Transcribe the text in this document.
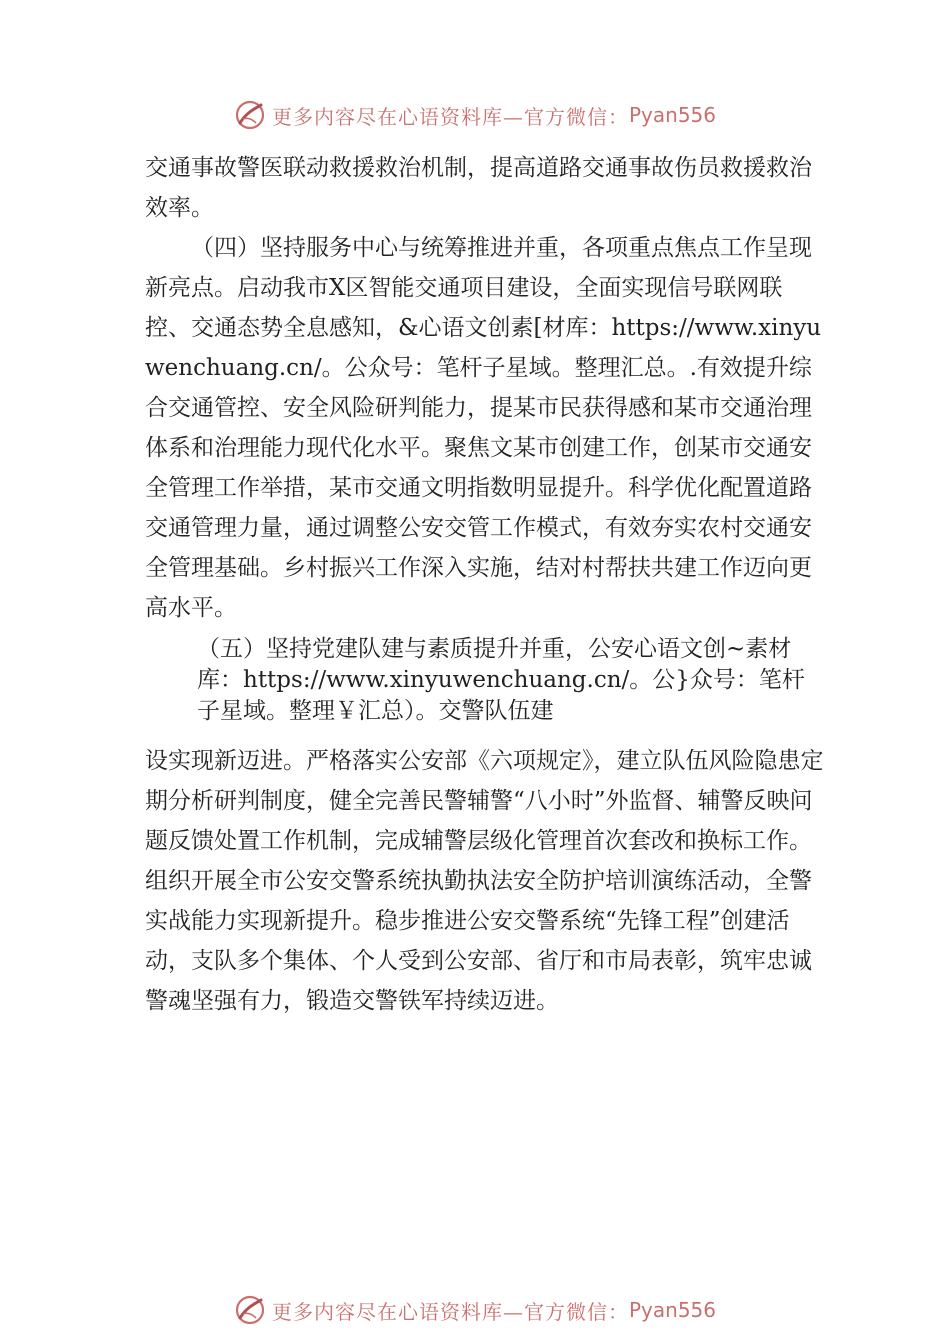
更多内容尽在心语资料库—官方微信： Pyan556

交通事故警医联动救援救治机制，提高道路交通事故伤员救援救治效率。

（四）坚持服务中心与统筹推进并重，各项重点焦点工作呈现新亮点。启动我市X区智能交通项目建设，全面实现信号联网联控、交通态势全息感知，&心语文创素[材库：https://www.xinyuwenchuang.cn/。公众号：笔杆子星域。整理汇总。.有效提升综合交通管控、安全风险研判能力，提某市民获得感和某市交通治理体系和治理能力现代化水平。聚焦文某市创建工作，创某市交通安全管理工作举措，某市交通文明指数明显提升。科学优化配置道路交通管理力量，通过调整公安交管工作模式，有效夯实农村交通安全管理基础。乡村振兴工作深入实施，结对村帮扶共建工作迈向更高水平。

（五）坚持党建队建与素质提升并重，公安心语文创~素材库：https://www.xinyuwenchuang.cn/。公}众号：笔杆子星域。整理￥汇总）。交警队伍建

设实现新迈进。严格落实公安部《六项规定》，建立队伍风险隐患定期分析研判制度，健全完善民警辅警“八小时”外监督、辅警反映问题反馈处置工作机制，完成辅警层级化管理首次套改和换标工作。组织开展全市公安交警系统执勤执法安全防护培训演练活动，全警实战能力实现新提升。稳步推进公安交警系统“先锋工程”创建活动，支队多个集体、个人受到公安部、省厅和市局表彰，筑牢忠诚警魂坚强有力，锻造交警铁军持续迈进。

更多内容尽在心语资料库—官方微信： Pyan556
